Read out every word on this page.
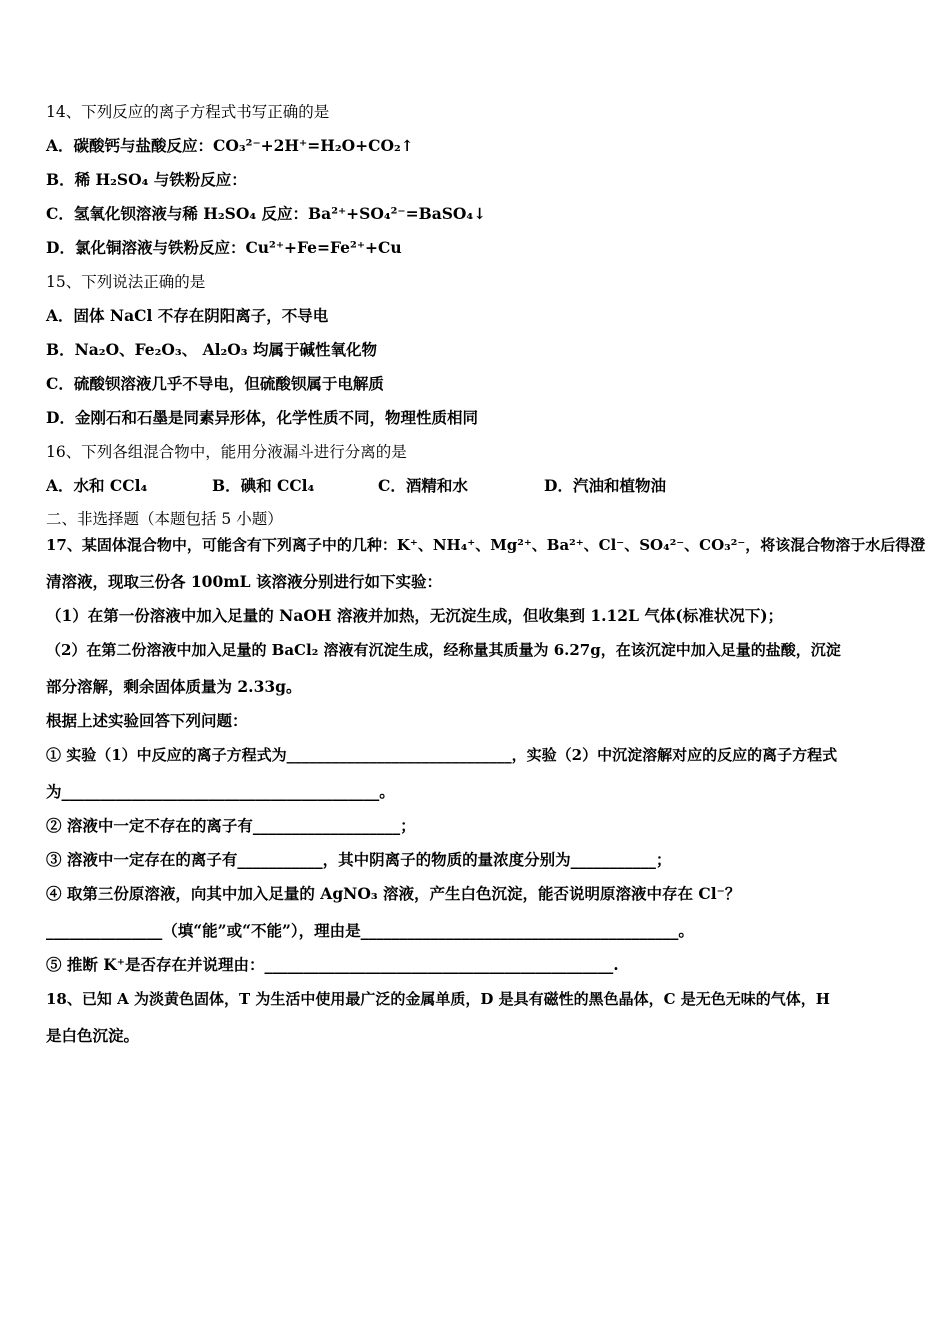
14、下列反应的离子方程式书写正确的是
A．碳酸钙与盐酸反应：CO₃²⁻+2H⁺=H₂O+CO₂↑
B．稀 H₂SO₄ 与铁粉反应：
C．氢氧化钡溶液与稀 H₂SO₄ 反应：Ba²⁺+SO₄²⁻=BaSO₄↓
D．氯化铜溶液与铁粉反应：Cu²⁺+Fe=Fe²⁺+Cu
15、下列说法正确的是
A．固体 NaCl 不存在阴阳离子，不导电
B．Na₂O、Fe₂O₃、 Al₂O₃ 均属于碱性氧化物
C．硫酸钡溶液几乎不导电，但硫酸钡属于电解质
D．金刚石和石墨是同素异形体，化学性质不同，物理性质相同
16、下列各组混合物中，能用分液漏斗进行分离的是
A．水和 CCl₄	B．碘和 CCl₄	C．酒精和水	D．汽油和植物油
二、非选择题（本题包括 5 小题）
17、某固体混合物中，可能含有下列离子中的几种：K⁺、NH₄⁺、Mg²⁺、Ba²⁺、Cl⁻、SO₄²⁻、CO₃²⁻，将该混合物溶于水后得澄
清溶液，现取三份各 100mL 该溶液分别进行如下实验：
（1）在第一份溶液中加入足量的 NaOH 溶液并加热，无沉淀生成，但收集到 1.12L 气体(标准状况下)；
（2）在第二份溶液中加入足量的 BaCl₂ 溶液有沉淀生成，经称量其质量为 6.27g，在该沉淀中加入足量的盐酸，沉淀
部分溶解，剩余固体质量为 2.33g。
根据上述实验回答下列问题：
① 实验（1）中反应的离子方程式为______________________________，实验（2）中沉淀溶解对应的反应的离子方程式
为_________________________________________。
② 溶液中一定不存在的离子有___________________；
③ 溶液中一定存在的离子有___________，其中阴离子的物质的量浓度分别为___________；
④ 取第三份原溶液，向其中加入足量的 AgNO₃ 溶液，产生白色沉淀，能否说明原溶液中存在 Cl⁻？
_______________（填“能”或“不能”），理由是_________________________________________。
⑤ 推断 K⁺是否存在并说理由：_____________________________________________.
18、已知 A 为淡黄色固体，T 为生活中使用最广泛的金属单质，D 是具有磁性的黑色晶体，C 是无色无味的气体，H
是白色沉淀。
